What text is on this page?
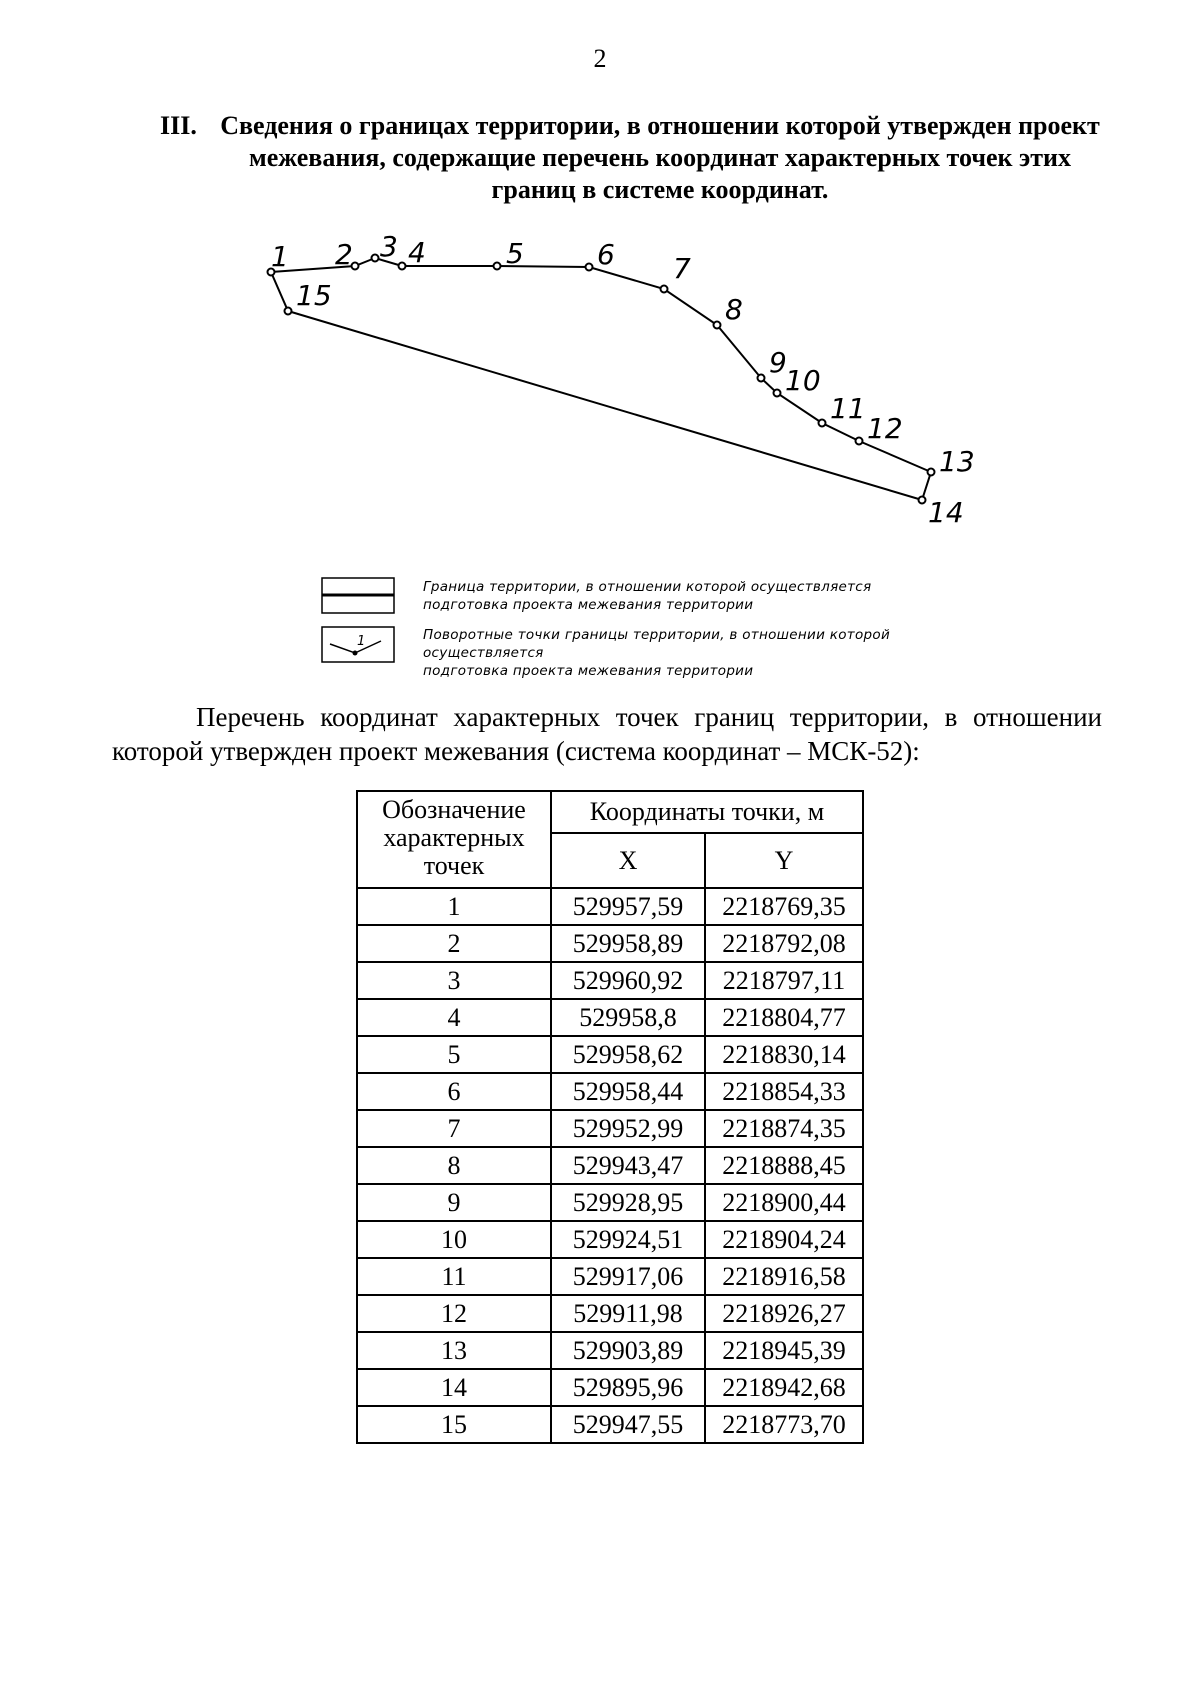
2
III. Сведения о границах территории, в отношении которой утвержден проект межевания, содержащие перечень координат характерных точек этих границ в системе координат.
1 2 3 4	5	6 7
8
9
10
11
12
13
14
15
1
Граница территории, в отношении которой осуществляется
подготовка проекта межевания территории
Поворотные точки границы территории, в отношении которой
осуществляется
подготовка проекта межевания территории
Перечень координат характерных точек границ территории, в отношении которой утвержден проект межевания (система координат – МСК-52):
Обозначение
характерных
точек	Координаты точки, м	
	X	Y
1	529957,59	2218769,35
2	529958,89	2218792,08
3	529960,92	2218797,11
4	529958,8	2218804,77
5	529958,62	2218830,14
6	529958,44	2218854,33
7	529952,99	2218874,35
8	529943,47	2218888,45
9	529928,95	2218900,44
10	529924,51	2218904,24
11	529917,06	2218916,58
12	529911,98	2218926,27
13	529903,89	2218945,39
14	529895,96	2218942,68
15	529947,55	2218773,70
